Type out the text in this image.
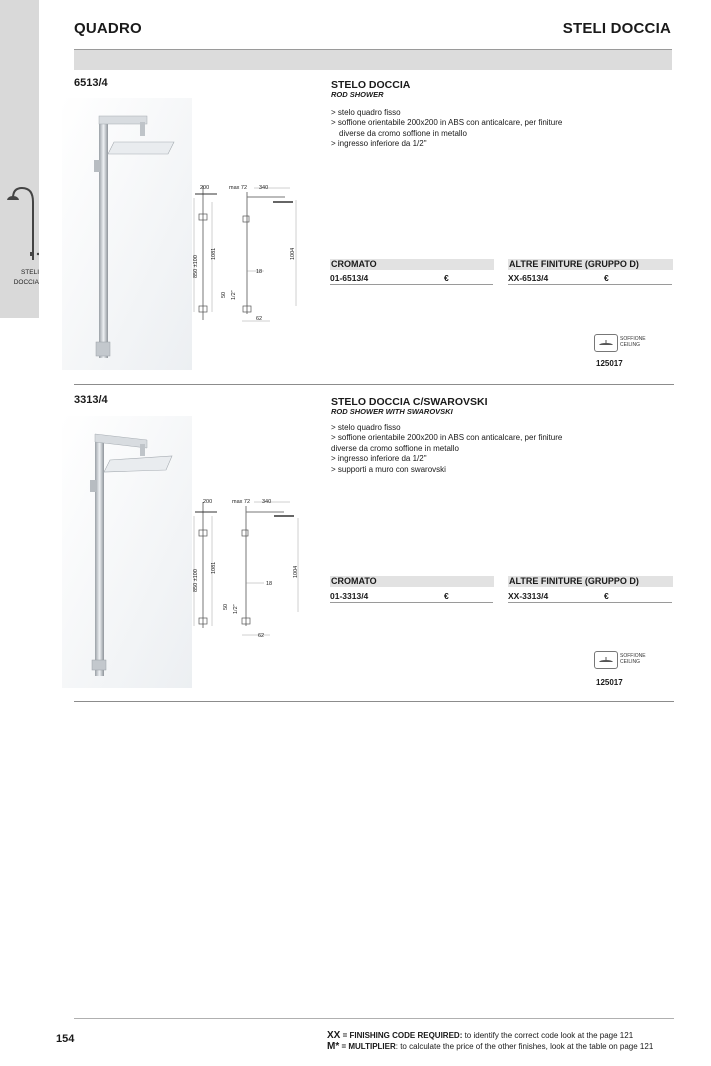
STELI
DOCCIA
QUADRO	STELI DOCCIA
6513/4
200
1081
850 ±100
max 72 340
1004
18
50 1/2"
62
STELO DOCCIA
ROD SHOWER
> stelo quadro fisso
> soffione orientabile 200x200 in ABS con anticalcare, per finiture
diverse da cromo soffione in metallo
> ingresso inferiore da 1/2"
CROMATO	ALTRE FINITURE (GRUPPO D)
01-6513/4	€	XX-6513/4	€
SOFFIONE
CEILING
125017
3313/4
200
1081
850 ±100
max 72 340
1004
18
50 1/2"
62
STELO DOCCIA C/SWAROVSKI
ROD SHOWER WITH SWAROVSKI
> stelo quadro fisso
> soffione orientabile 200x200 in ABS con anticalcare, per finiture
diverse da cromo soffione in metallo
> ingresso inferiore da 1/2"
> supporti a muro con swarovski
CROMATO	ALTRE FINITURE (GRUPPO D)
01-3313/4	€	XX-3313/4	€
SOFFIONE
CEILING
125017
154	XX = FINISHING CODE REQUIRED: to identify the correct code look at the page 121
M* = MULTIPLIER: to calculate the price of the other finishes, look at the table on page 121
